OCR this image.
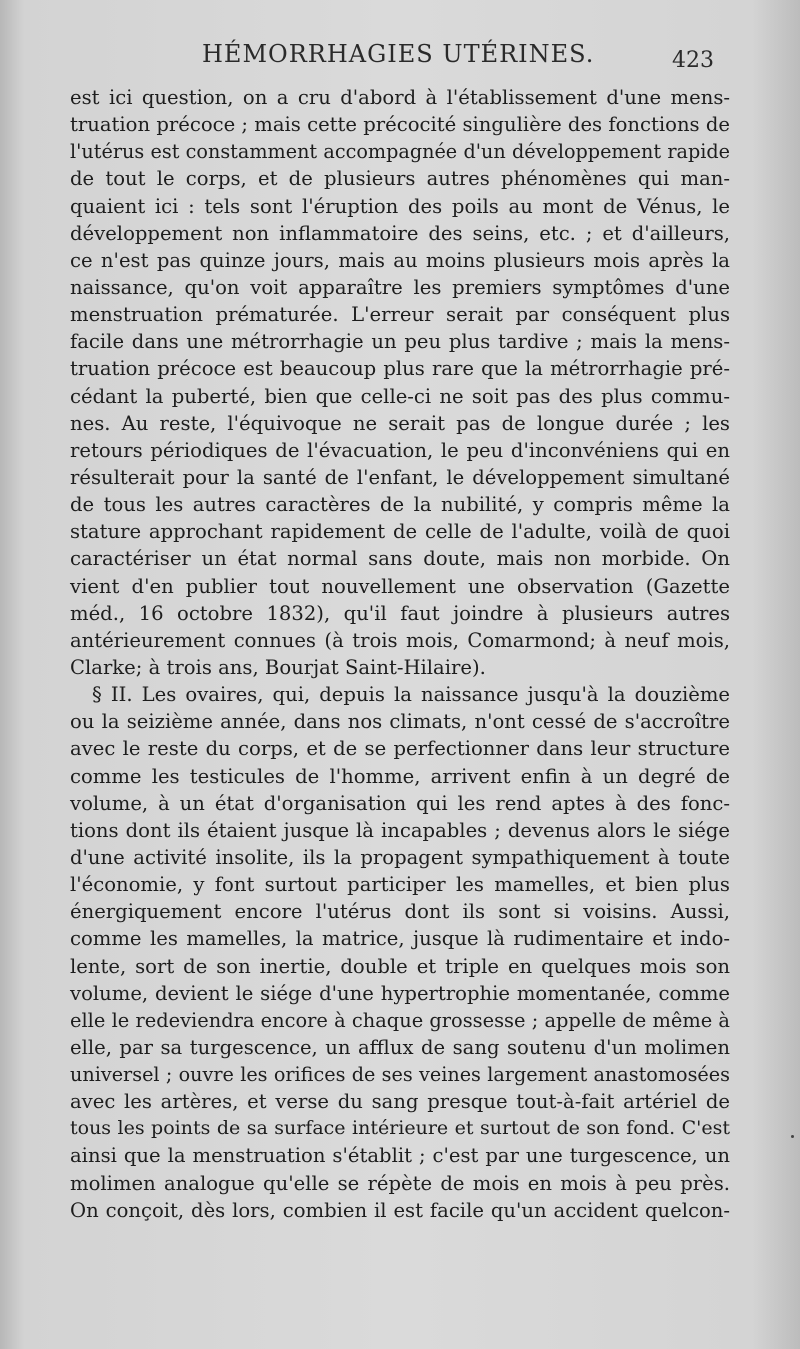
HÉMORRHAGIES UTÉRINES.	423
est ici question, on a cru d'abord à l'établissement d'une mens-
truation précoce ; mais cette précocité singulière des fonctions de
l'utérus est constamment accompagnée d'un développement rapide
de tout le corps, et de plusieurs autres phénomènes qui man-
quaient ici : tels sont l'éruption des poils au mont de Vénus, le
développement non inflammatoire des seins, etc. ; et d'ailleurs,
ce n'est pas quinze jours, mais au moins plusieurs mois après la
naissance, qu'on voit apparaître les premiers symptômes d'une
menstruation prématurée. L'erreur serait par conséquent plus
facile dans une métrorrhagie un peu plus tardive ; mais la mens-
truation précoce est beaucoup plus rare que la métrorrhagie pré-
cédant la puberté, bien que celle-ci ne soit pas des plus commu-
nes. Au reste, l'équivoque ne serait pas de longue durée ; les
retours périodiques de l'évacuation, le peu d'inconvéniens qui en
résulterait pour la santé de l'enfant, le développement simultané
de tous les autres caractères de la nubilité, y compris même la
stature approchant rapidement de celle de l'adulte, voilà de quoi
caractériser un état normal sans doute, mais non morbide. On
vient d'en publier tout nouvellement une observation (Gazette
méd., 16 octobre 1832), qu'il faut joindre à plusieurs autres
antérieurement connues (à trois mois, Comarmond; à neuf mois,
Clarke; à trois ans, Bourjat Saint-Hilaire).
§ II. Les ovaires, qui, depuis la naissance jusqu'à la douzième
ou la seizième année, dans nos climats, n'ont cessé de s'accroître
avec le reste du corps, et de se perfectionner dans leur structure
comme les testicules de l'homme, arrivent enfin à un degré de
volume, à un état d'organisation qui les rend aptes à des fonc-
tions dont ils étaient jusque là incapables ; devenus alors le siége
d'une activité insolite, ils la propagent sympathiquement à toute
l'économie, y font surtout participer les mamelles, et bien plus
énergiquement encore l'utérus dont ils sont si voisins. Aussi,
comme les mamelles, la matrice, jusque là rudimentaire et indo-
lente, sort de son inertie, double et triple en quelques mois son
volume, devient le siége d'une hypertrophie momentanée, comme
elle le redeviendra encore à chaque grossesse ; appelle de même à
elle, par sa turgescence, un afflux de sang soutenu d'un molimen
universel ; ouvre les orifices de ses veines largement anastomosées
avec les artères, et verse du sang presque tout-à-fait artériel de
tous les points de sa surface intérieure et surtout de son fond. C'est
ainsi que la menstruation s'établit ; c'est par une turgescence, un
molimen analogue qu'elle se répète de mois en mois à peu près.
On conçoit, dès lors, combien il est facile qu'un accident quelcon-
